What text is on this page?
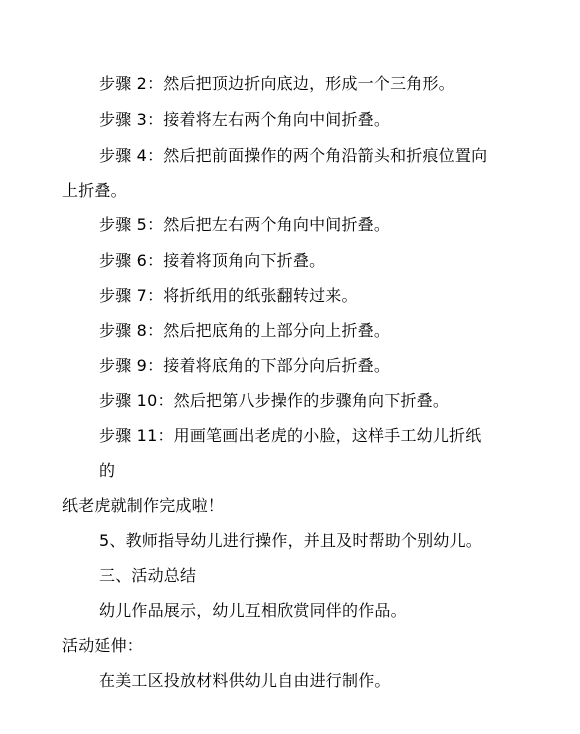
步骤 2：然后把顶边折向底边，形成一个三角形。
步骤 3：接着将左右两个角向中间折叠。
步骤 4：然后把前面操作的两个角沿箭头和折痕位置向
上折叠。
步骤 5：然后把左右两个角向中间折叠。
步骤 6：接着将顶角向下折叠。
步骤 7：将折纸用的纸张翻转过来。
步骤 8：然后把底角的上部分向上折叠。
步骤 9：接着将底角的下部分向后折叠。
步骤 10：然后把第八步操作的步骤角向下折叠。
步骤 11：用画笔画出老虎的小脸，这样手工幼儿折纸
的
纸老虎就制作完成啦！
5、教师指导幼儿进行操作，并且及时帮助个别幼儿。
三、活动总结
幼儿作品展示，幼儿互相欣赏同伴的作品。
活动延伸：
在美工区投放材料供幼儿自由进行制作。
